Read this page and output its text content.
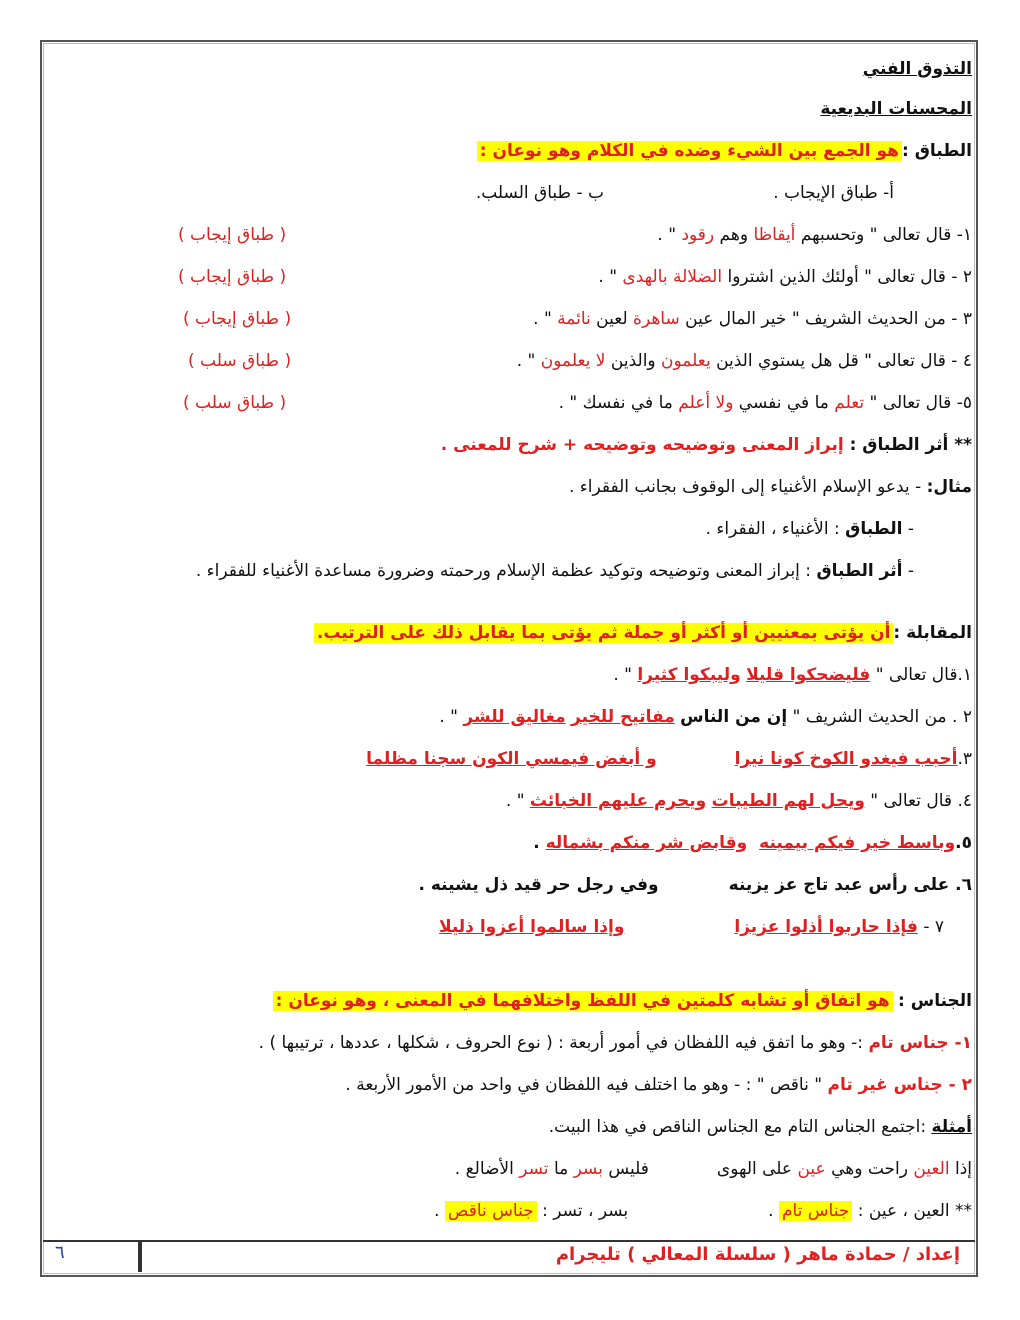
التذوق الفني
المحسنات البديعية
الطباق :هو الجمع بين الشيء وضده في الكلام وهو نوعان :
أ- طباق الإيجاب .
ب - طباق السلب.
١- قال تعالى " وتحسبهم أيقاظا وهم رقود " .
( طباق إيجاب )
٢ - قال تعالى " أولئك الذين اشتروا الضلالة بالهدى " .
( طباق إيجاب )
٣ - من الحديث الشريف " خير المال عين ساهرة لعين نائمة " .
( طباق إيجاب )
٤ - قال تعالى " قل هل يستوي الذين يعلمون والذين لا يعلمون " .
( طباق سلب )
٥- قال تعالى " تعلم ما في نفسي ولا أعلم ما في نفسك " .
( طباق سلب )
** أثر الطباق : إبراز المعنى وتوضيحه وتوضيحه + شرح للمعنى .
مثال: - يدعو الإسلام الأغنياء إلى الوقوف بجانب الفقراء .
- الطباق : الأغنياء ، الفقراء .
- أثر الطباق : إبراز المعنى وتوضيحه وتوكيد عظمة الإسلام ورحمته وضرورة مساعدة الأغنياء للفقراء .
المقابلة :أن يؤتى بمعنيين أو أكثر أو جملة ثم يؤتى بما يقابل ذلك على الترتيب.
١.قال تعالى " فليضحكوا قليلا وليبكوا كثيرا " .
٢ . من الحديث الشريف " إن من الناس مفاتيح للخير مغاليق للشر " .
٣.أحبب فيغدو الكوخ كونا نيراو أبغض فيمسي الكون سجنا مظلما
٤. قال تعالى " ويحل لهم الطيبات ويحرم عليهم الخبائث " .
٥.وباسط خير فيكم بيمينهوقابض شر منكم بشماله .
٦. على رأس عبد تاج عز يزينهوفي رجل حر قيد ذل يشينه .
٧ - فإذا حاربوا أذلوا عزيزاوإذا سالموا أعزوا ذليلا
الجناس : هو اتفاق أو تشابه كلمتين في اللفظ واختلافهما في المعنى ، وهو نوعان :
١- جناس تام :- وهو ما اتفق فيه اللفظان في أمور أربعة : ( نوع الحروف ، شكلها ، عددها ، ترتيبها ) .
٢ - جناس غير تام " ناقص " : - وهو ما اختلف فيه اللفظان في واحد من الأمور الأربعة .
أمثلة :اجتمع الجناس التام مع الجناس الناقص في هذا البيت.
إذا العين راحت وهي عين على الهوىفليس بسر ما تسر الأضالع .
** العين ، عين : جناس تام .بسر ، تسر : جناس ناقص .
إعداد / حمادة ماهر ( سلسلة المعالي ) تليجرام
٦
